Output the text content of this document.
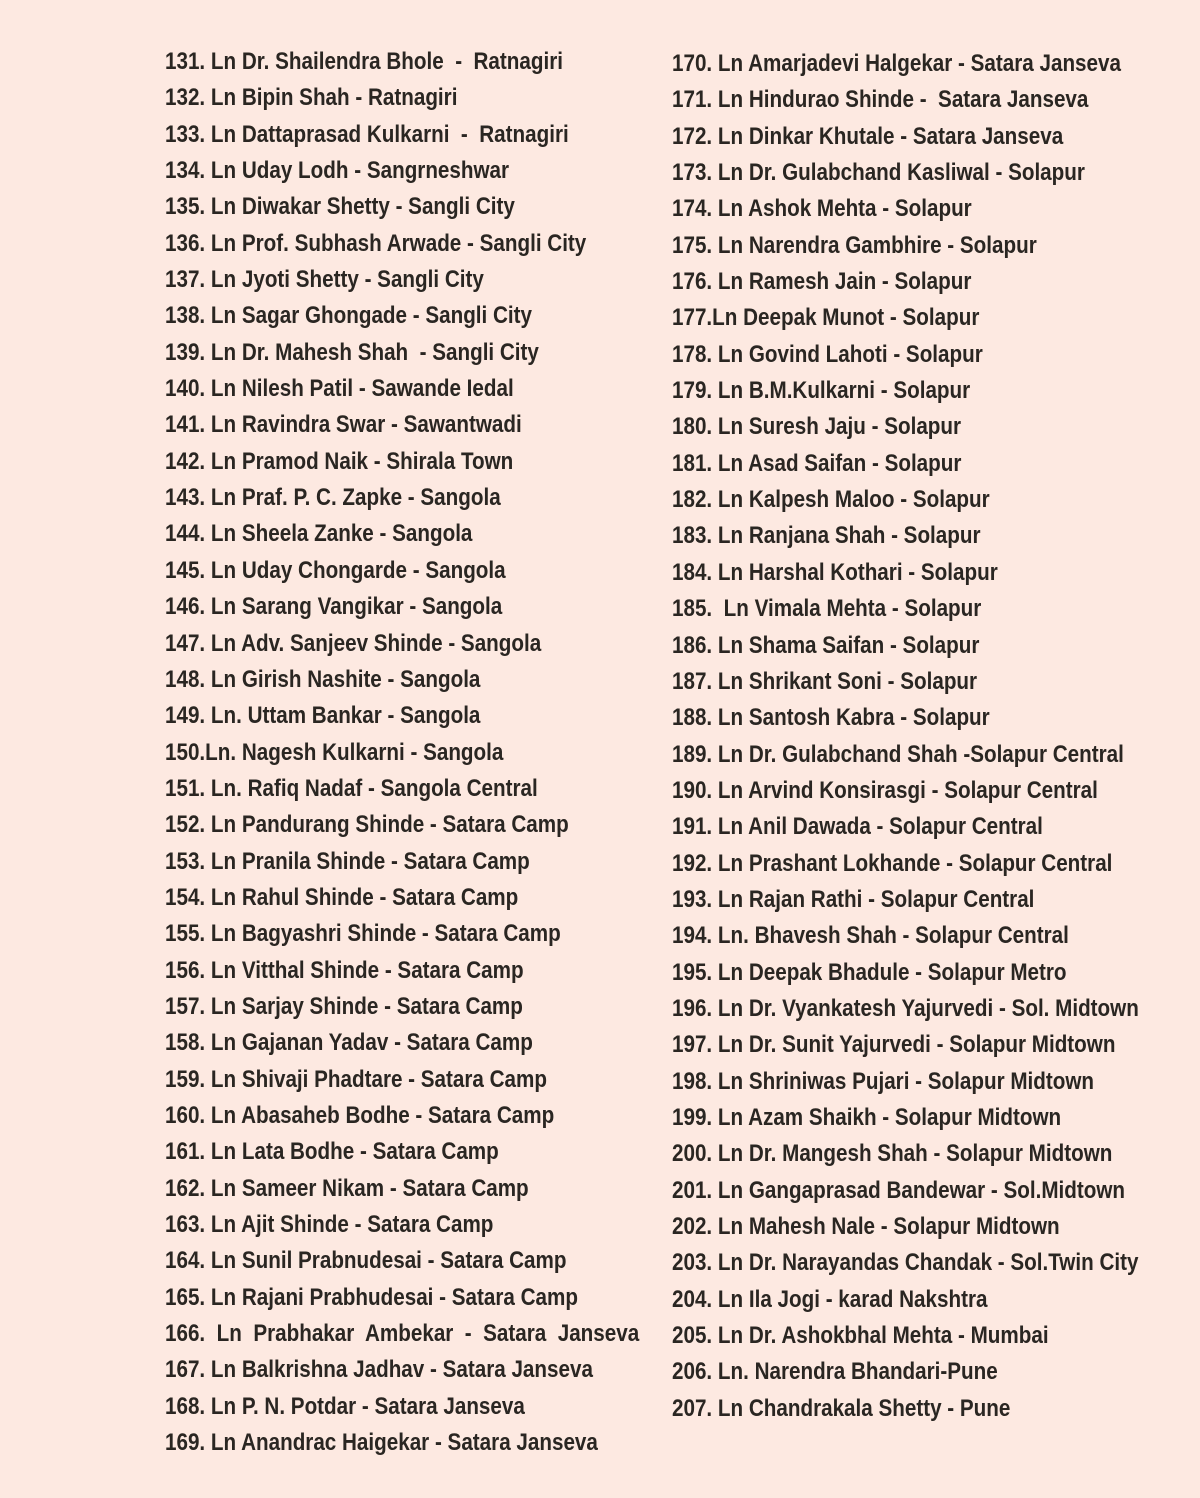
131. Ln Dr. Shailendra Bhole  -  Ratnagiri
132. Ln Bipin Shah - Ratnagiri
133. Ln Dattaprasad Kulkarni  -  Ratnagiri
134. Ln Uday Lodh - Sangrneshwar
135. Ln Diwakar Shetty - Sangli City
136. Ln Prof. Subhash Arwade - Sangli City
137. Ln Jyoti Shetty - Sangli City
138. Ln Sagar Ghongade - Sangli City
139. Ln Dr. Mahesh Shah  - Sangli City
140. Ln Nilesh Patil - Sawande Iedal
141. Ln Ravindra Swar - Sawantwadi
142. Ln Pramod Naik - Shirala Town
143. Ln Praf. P. C. Zapke - Sangola
144. Ln Sheela Zanke - Sangola
145. Ln Uday Chongarde - Sangola
146. Ln Sarang Vangikar - Sangola
147. Ln Adv. Sanjeev Shinde - Sangola
148. Ln Girish Nashite - Sangola
149. Ln. Uttam Bankar - Sangola
150.Ln. Nagesh Kulkarni - Sangola
151. Ln. Rafiq Nadaf - Sangola Central
152. Ln Pandurang Shinde - Satara Camp
153. Ln Pranila Shinde - Satara Camp
154. Ln Rahul Shinde - Satara Camp
155. Ln Bagyashri Shinde - Satara Camp
156. Ln Vitthal Shinde - Satara Camp
157. Ln Sarjay Shinde - Satara Camp
158. Ln Gajanan Yadav - Satara Camp
159. Ln Shivaji Phadtare - Satara Camp
160. Ln Abasaheb Bodhe - Satara Camp
161. Ln Lata Bodhe - Satara Camp
162. Ln Sameer Nikam - Satara Camp
163. Ln Ajit Shinde - Satara Camp
164. Ln Sunil Prabnudesai - Satara Camp
165. Ln Rajani Prabhudesai - Satara Camp
166.  Ln  Prabhakar  Ambekar  -  Satara  Janseva
167. Ln Balkrishna Jadhav - Satara Janseva
168. Ln P. N. Potdar - Satara Janseva
169. Ln Anandrac Haigekar - Satara Janseva
170. Ln Amarjadevi Halgekar - Satara Janseva
171. Ln Hindurao Shinde -  Satara Janseva
172. Ln Dinkar Khutale - Satara Janseva
173. Ln Dr. Gulabchand Kasliwal - Solapur
174. Ln Ashok Mehta - Solapur
175. Ln Narendra Gambhire - Solapur
176. Ln Ramesh Jain - Solapur
177.Ln Deepak Munot - Solapur
178. Ln Govind Lahoti - Solapur
179. Ln B.M.Kulkarni - Solapur
180. Ln Suresh Jaju - Solapur
181. Ln Asad Saifan - Solapur
182. Ln Kalpesh Maloo - Solapur
183. Ln Ranjana Shah - Solapur
184. Ln Harshal Kothari - Solapur
185.  Ln Vimala Mehta - Solapur
186. Ln Shama Saifan - Solapur
187. Ln Shrikant Soni - Solapur
188. Ln Santosh Kabra - Solapur
189. Ln Dr. Gulabchand Shah -Solapur Central
190. Ln Arvind Konsirasgi - Solapur Central
191. Ln Anil Dawada - Solapur Central
192. Ln Prashant Lokhande - Solapur Central
193. Ln Rajan Rathi - Solapur Central
194. Ln. Bhavesh Shah - Solapur Central
195. Ln Deepak Bhadule - Solapur Metro
196. Ln Dr. Vyankatesh Yajurvedi - Sol. Midtown
197. Ln Dr. Sunit Yajurvedi - Solapur Midtown
198. Ln Shriniwas Pujari - Solapur Midtown
199. Ln Azam Shaikh - Solapur Midtown
200. Ln Dr. Mangesh Shah - Solapur Midtown
201. Ln Gangaprasad Bandewar - Sol.Midtown
202. Ln Mahesh Nale - Solapur Midtown
203. Ln Dr. Narayandas Chandak - Sol.Twin City
204. Ln Ila Jogi - karad Nakshtra
205. Ln Dr. Ashokbhal Mehta - Mumbai
206. Ln. Narendra Bhandari-Pune
207. Ln Chandrakala Shetty - Pune
